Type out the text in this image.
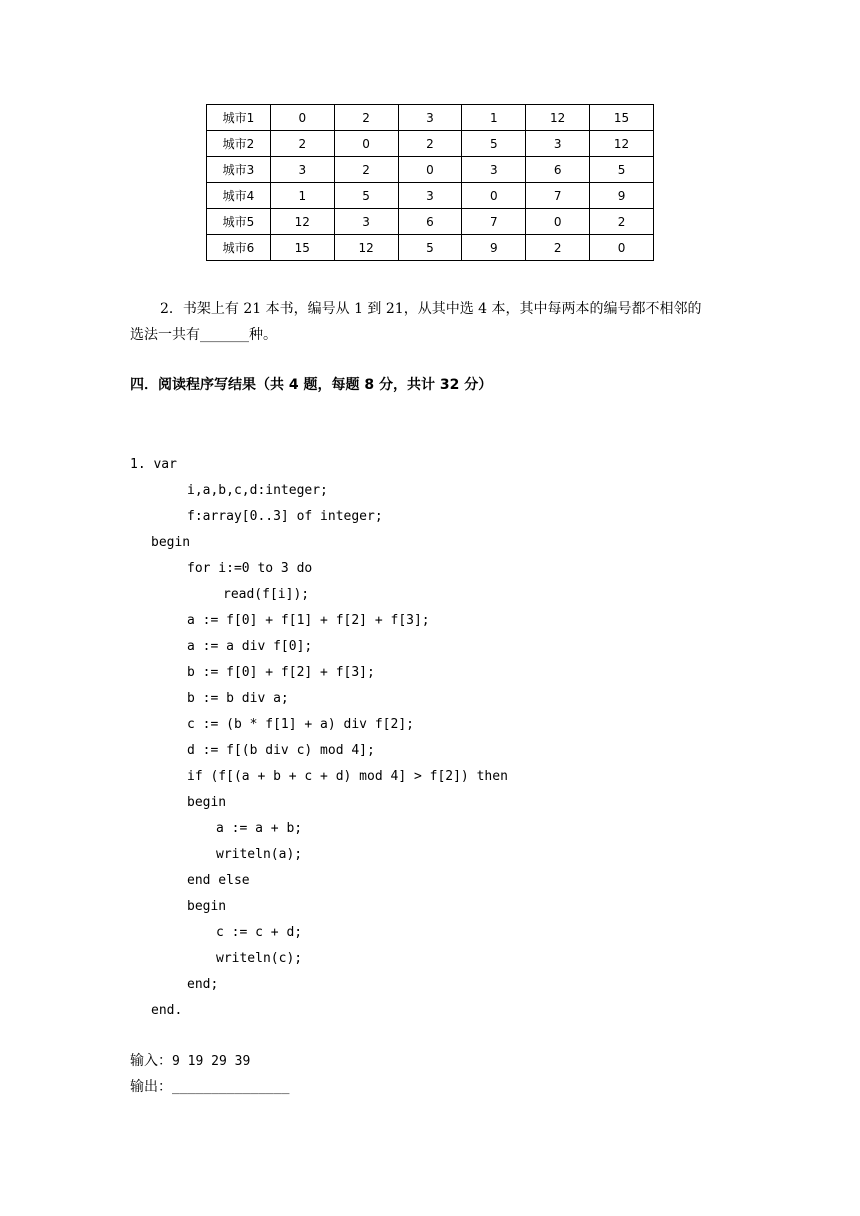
城市1	0	2	3	1	12	15
城市2	2	0	2	5	3	12
城市3	3	2	0	3	6	5
城市4	1	5	3	0	7	9
城市5	12	3	6	7	0	2
城市6	15	12	5	9	2	0
2．书架上有 21 本书，编号从 1 到 21，从其中选 4 本，其中每两本的编号都不相邻的
选法一共有_______种。
四．阅读程序写结果（共 4 题，每题 8 分，共计 32 分）
1. var
i,a,b,c,d:integer;
f:array[0..3] of integer;
begin
for i:=0 to 3 do
read(f[i]);
a := f[0] + f[1] + f[2] + f[3];
a := a div f[0];
b := f[0] + f[2] + f[3];
b := b div a;
c := (b * f[1] + a) div f[2];
d := f[(b div c) mod 4];
if (f[(a + b + c + d) mod 4] > f[2]) then
begin
a := a + b;
writeln(a);
end else
begin
c := c + d;
writeln(c);
end;
end.
输入：9 19 29 39
输出：_______________
